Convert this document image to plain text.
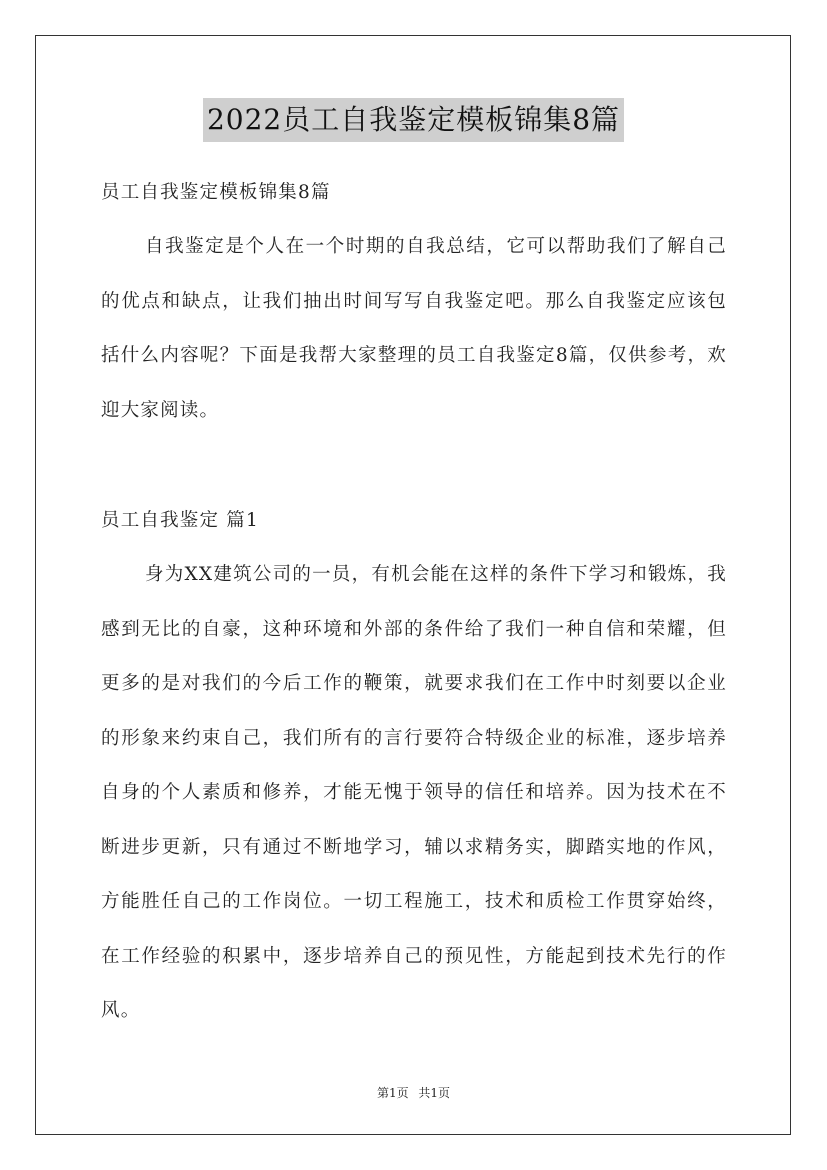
2022员工自我鉴定模板锦集8篇
员工自我鉴定模板锦集8篇

自我鉴定是个人在一个时期的自我总结，它可以帮助我们了解自己的优点和缺点，让我们抽出时间写写自我鉴定吧。那么自我鉴定应该包括什么内容呢？下面是我帮大家整理的员工自我鉴定8篇，仅供参考，欢迎大家阅读。

员工自我鉴定 篇1

身为XX建筑公司的一员，有机会能在这样的条件下学习和锻炼，我感到无比的自豪，这种环境和外部的条件给了我们一种自信和荣耀，但更多的是对我们的今后工作的鞭策，就要求我们在工作中时刻要以企业的形象来约束自己，我们所有的言行要符合特级企业的标准，逐步培养自身的个人素质和修养，才能无愧于领导的信任和培养。因为技术在不断进步更新，只有通过不断地学习，辅以求精务实，脚踏实地的作风，方能胜任自己的工作岗位。一切工程施工，技术和质检工作贯穿始终，在工作经验的积累中，逐步培养自己的预见性，方能起到技术先行的作风。

第1页 共1页
